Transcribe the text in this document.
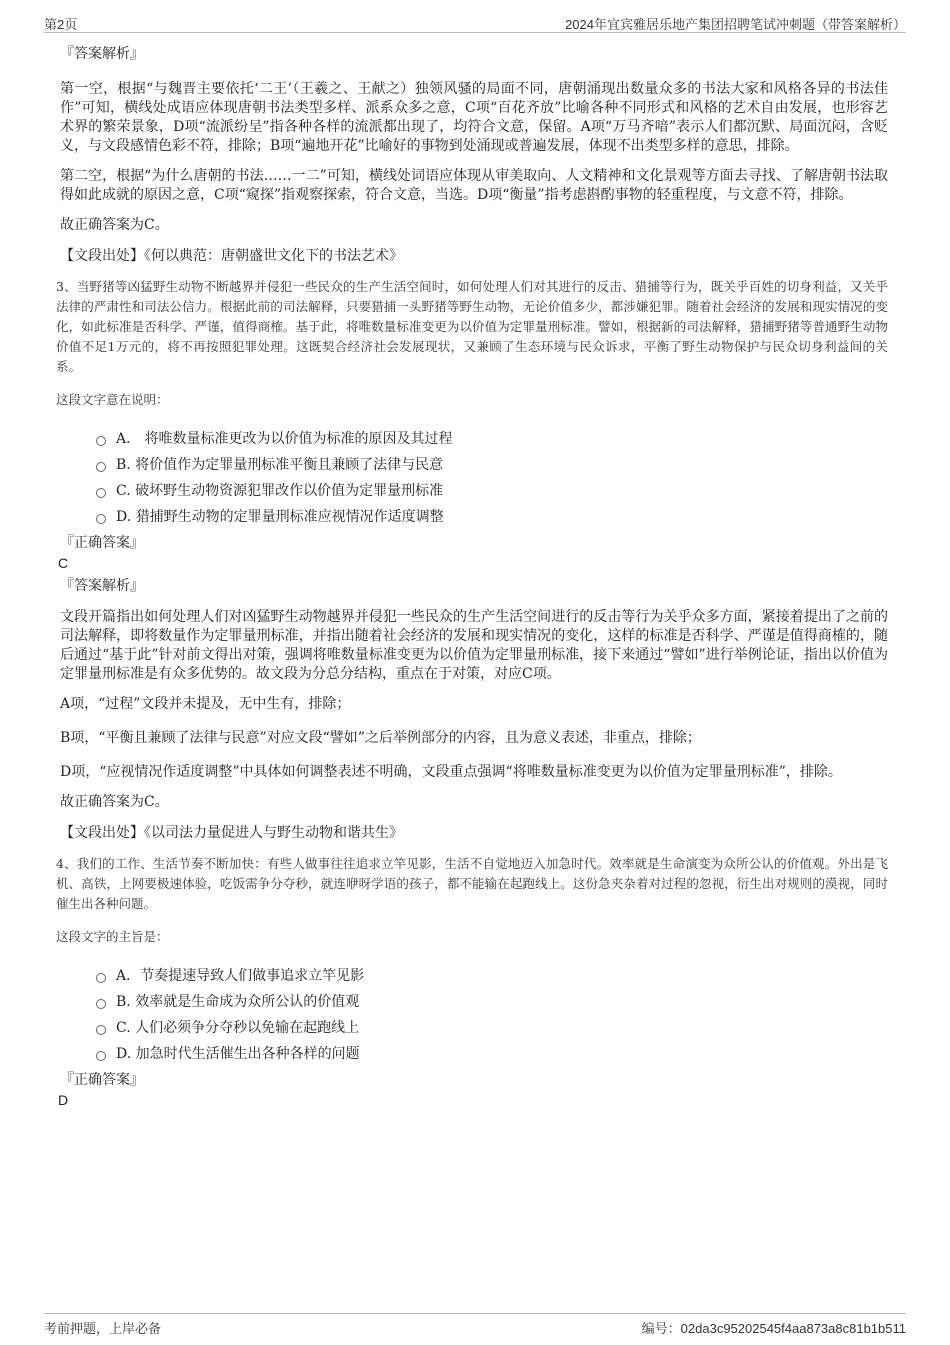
第2页	2024年宜宾雅居乐地产集团招聘笔试冲刺题（带答案解析）
『答案解析』
第一空，根据“与魏晋主要依托‘二王’（王羲之、王献之）独领风骚的局面不同，唐朝涌现出数量众多的书法大家和风格各异的书法佳作”可知，横线处成语应体现唐朝书法类型多样、派系众多之意，C项“百花齐放”比喻各种不同形式和风格的艺术自由发展，也形容艺术界的繁荣景象，D项“流派纷呈”指各种各样的流派都出现了，均符合文意，保留。A项“万马齐喑”表示人们都沉默、局面沉闷，含贬义，与文段感情色彩不符，排除；B项“遍地开花”比喻好的事物到处涌现或普遍发展，体现不出类型多样的意思，排除。
第二空，根据“为什么唐朝的书法……一二”可知，横线处词语应体现从审美取向、人文精神和文化景观等方面去寻找、了解唐朝书法取得如此成就的原因之意，C项“窥探”指观察探索，符合文意，当选。D项“衡量”指考虑斟酌事物的轻重程度，与文意不符，排除。
故正确答案为C。
【文段出处】《何以典范：唐朝盛世文化下的书法艺术》
3、当野猪等凶猛野生动物不断越界并侵犯一些民众的生产生活空间时，如何处理人们对其进行的反击、猎捕等行为，既关乎百姓的切身利益，又关乎法律的严肃性和司法公信力。根据此前的司法解释，只要猎捕一头野猪等野生动物，无论价值多少，都涉嫌犯罪。随着社会经济的发展和现实情况的变化，如此标准是否科学、严谨，值得商榷。基于此，将唯数量标准变更为以价值为定罪量刑标准。譬如，根据新的司法解释，猎捕野猪等普通野生动物价值不足1万元的，将不再按照犯罪处理。这既契合经济社会发展现状，又兼顾了生态环境与民众诉求，平衡了野生动物保护与民众切身利益间的关系。
这段文字意在说明：
A． 将唯数量标准更改为以价值为标准的原因及其过程
B. 将价值作为定罪量刑标准平衡且兼顾了法律与民意
C. 破坏野生动物资源犯罪改作以价值为定罪量刑标准
D. 猎捕野生动物的定罪量刑标准应视情况作适度调整
『正确答案』
C
『答案解析』
文段开篇指出如何处理人们对凶猛野生动物越界并侵犯一些民众的生产生活空间进行的反击等行为关乎众多方面，紧接着提出了之前的司法解释，即将数量作为定罪量刑标准，并指出随着社会经济的发展和现实情况的变化，这样的标准是否科学、严谨是值得商榷的，随后通过“基于此”针对前文得出对策，强调将唯数量标准变更为以价值为定罪量刑标准，接下来通过“譬如”进行举例论证，指出以价值为定罪量刑标准是有众多优势的。故文段为分总分结构，重点在于对策，对应C项。
A项，“过程”文段并未提及，无中生有，排除；
B项，“平衡且兼顾了法律与民意”对应文段“譬如”之后举例部分的内容，且为意义表述，非重点，排除；
D项，“应视情况作适度调整”中具体如何调整表述不明确，文段重点强调“将唯数量标准变更为以价值为定罪量刑标准”，排除。
故正确答案为C。
【文段出处】《以司法力量促进人与野生动物和谐共生》
4、我们的工作、生活节奏不断加快：有些人做事往往追求立竿见影，生活不自觉地迈入加急时代。效率就是生命演变为众所公认的价值观。外出是飞机、高铁，上网要极速体验，吃饭需争分夺秒，就连咿呀学语的孩子，都不能输在起跑线上。这份急夹杂着对过程的忽视，衍生出对规则的漠视，同时催生出各种问题。
这段文字的主旨是：
A．节奏提速导致人们做事追求立竿见影
B. 效率就是生命成为众所公认的价值观
C. 人们必须争分夺秒以免输在起跑线上
D. 加急时代生活催生出各种各样的问题
『正确答案』
D
考前押题，上岸必备	编号：02da3c95202545f4aa873a8c81b1b511
